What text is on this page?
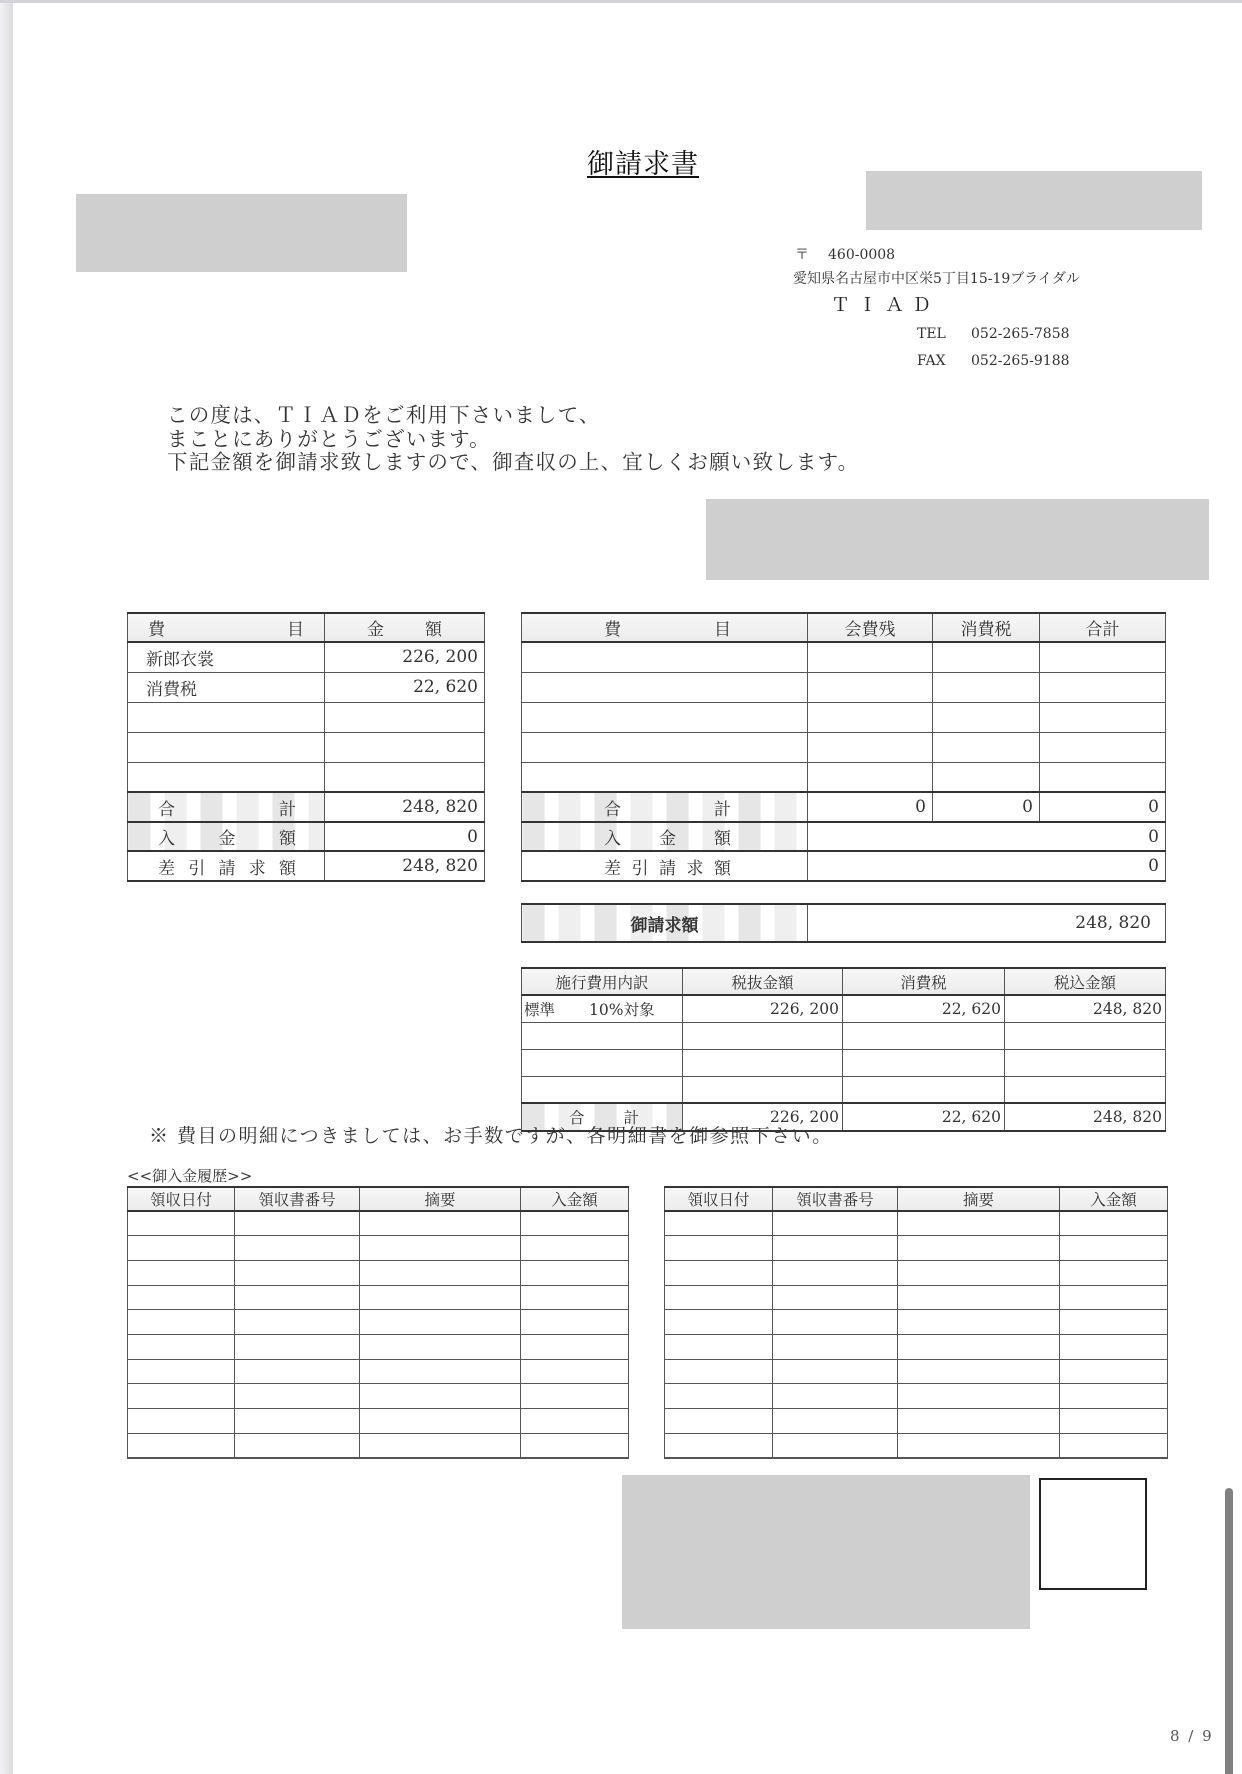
御請求書
〒 460-0008
愛知県名古屋市中区栄5丁目15-19ブライダル
ＴＩＡＤ
TEL 052-265-7858
FAX 052-265-9188
この度は、ＴＩＡＤをご利用下さいまして、
まことにありがとうございます。
下記金額を御請求致しますので、御査収の上、宜しくお願い致します。
費 目	金 額

新郎衣裳	226, 200
消費税	22, 620

合 計	248, 820

入 金 額	0

差 引 請 求 額	248, 820
費 目	会費残	消費税	合計

合 計	0	0	0

入 金 額	0		

差 引 請 求 額	0		
御請求額	248, 820
施行費用内訳	税抜金額	消費税	税込金額
標準 10%対象	226, 200	22, 620	248, 820

合 計	226, 200	22, 620	248, 820
※ 費目の明細につきましては、お手数ですが、各明細書を御参照下さい。
<<御入金履歴>>
領収日付	領収書番号	摘要	入金額

				領収日付	領収書番号	摘要	入金額

8 / 9
